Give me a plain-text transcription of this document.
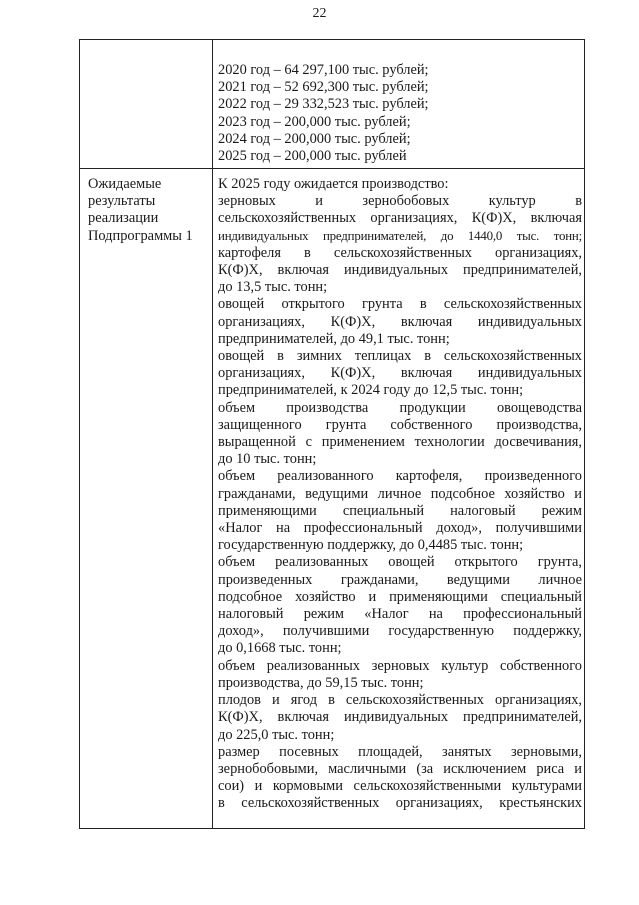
22
2020 год – 64 297,100 тыс. рублей;
2021 год – 52 692,300 тыс. рублей;
2022 год – 29 332,523 тыс. рублей;
2023 год – 200,000 тыс. рублей;
2024 год – 200,000 тыс. рублей;
2025 год – 200,000 тыс. рублей
Ожидаемые
результаты
реализации
Подпрограммы 1
К 2025 году ожидается производство:
зерновых и зернобобовых культур в
сельскохозяйственных организациях, К(Ф)Х, включая
индивидуальных предпринимателей, до 1440,0 тыс. тонн;
картофеля в сельскохозяйственных организациях,
К(Ф)Х, включая индивидуальных предпринимателей,
до 13,5 тыс. тонн;
овощей открытого грунта в сельскохозяйственных
организациях, К(Ф)Х, включая индивидуальных
предпринимателей, до 49,1 тыс. тонн;
овощей в зимних теплицах в сельскохозяйственных
организациях, К(Ф)Х, включая индивидуальных
предпринимателей, к 2024 году до 12,5 тыс. тонн;
объем производства продукции овощеводства
защищенного грунта собственного производства,
выращенной с применением технологии досвечивания,
до 10 тыс. тонн;
объем реализованного картофеля, произведенного
гражданами, ведущими личное подсобное хозяйство и
применяющими специальный налоговый режим
«Налог на профессиональный доход», получившими
государственную поддержку, до 0,4485 тыс. тонн;
объем реализованных овощей открытого грунта,
произведенных гражданами, ведущими личное
подсобное хозяйство и применяющими специальный
налоговый режим «Налог на профессиональный
доход», получившими государственную поддержку,
до 0,1668 тыс. тонн;
объем реализованных зерновых культур собственного
производства, до 59,15 тыс. тонн;
плодов и ягод в сельскохозяйственных организациях,
К(Ф)Х, включая индивидуальных предпринимателей,
до 225,0 тыс. тонн;
размер посевных площадей, занятых зерновыми,
зернобобовыми, масличными (за исключением риса и
сои) и кормовыми сельскохозяйственными культурами
в сельскохозяйственных организациях, крестьянских
